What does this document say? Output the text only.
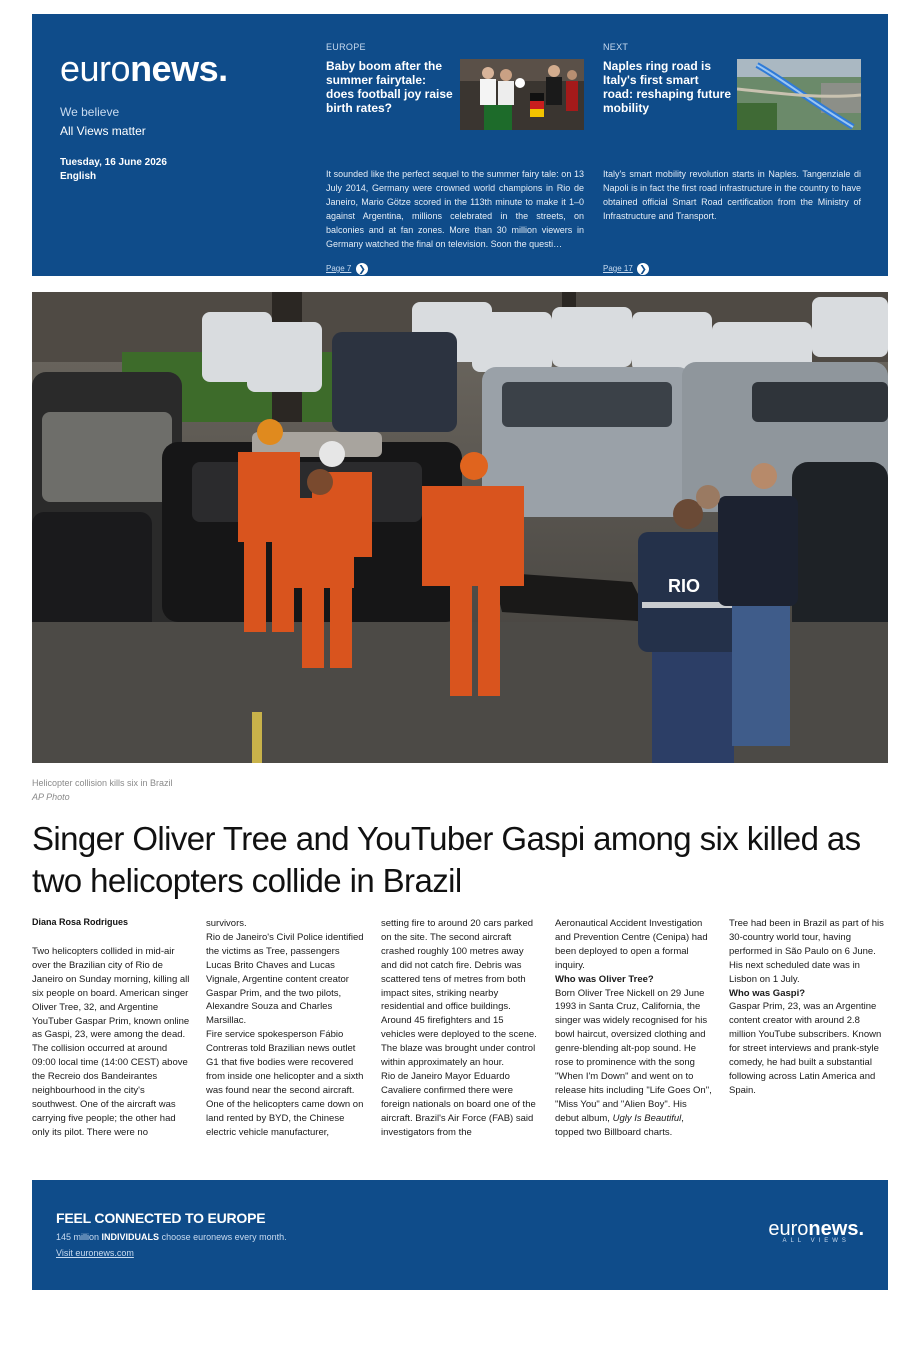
euronews.
We believe
All Views matter
Tuesday, 16 June 2026
English
EUROPE
Baby boom after the summer fairytale: does football joy raise birth rates?
It sounded like the perfect sequel to the summer fairy tale: on 13 July 2014, Germany were crowned world champions in Rio de Janeiro, Mario Götze scored in the 113th minute to make it 1–0 against Argentina, millions celebrated in the streets, on balconies and at fan zones. More than 30 million viewers in Germany watched the final on television. Soon the questi…
Page 7 ❯
NEXT
Naples ring road is Italy's first smart road: reshaping future mobility
Italy's smart mobility revolution starts in Naples. Tangenziale di Napoli is in fact the first road infrastructure in the country to have obtained official Smart Road certification from the Ministry of Infrastructure and Transport.
Page 17 ❯
RIO
Helicopter collision kills six in Brazil
AP Photo
Singer Oliver Tree and YouTuber Gaspi among six killed as two helicopters collide in Brazil
Diana Rosa Rodrigues

Two helicopters collided in mid-air over the Brazilian city of Rio de Janeiro on Sunday morning, killing all six people on board. American singer Oliver Tree, 32, and Argentine YouTuber Gaspar Prim, known online as Gaspi, 23, were among the dead.

The collision occurred at around 09:00 local time (14:00 CEST) above the Recreio dos Bandeirantes neighbourhood in the city's southwest. One of the aircraft was carrying five people; the other had only its pilot. There were no

survivors.

Rio de Janeiro's Civil Police identified the victims as Tree, passengers Lucas Brito Chaves and Lucas Vignale, Argentine content creator Gaspar Prim, and the two pilots, Alexandre Souza and Charles Marsillac.

Fire service spokesperson Fábio Contreras told Brazilian news outlet G1 that five bodies were recovered from inside one helicopter and a sixth was found near the second aircraft.

One of the helicopters came down on land rented by BYD, the Chinese electric vehicle manufacturer,

setting fire to around 20 cars parked on the site. The second aircraft crashed roughly 100 metres away and did not catch fire. Debris was scattered tens of metres from both impact sites, striking nearby residential and office buildings.

Around 45 firefighters and 15 vehicles were deployed to the scene. The blaze was brought under control within approximately an hour.

Rio de Janeiro Mayor Eduardo Cavaliere confirmed there were foreign nationals on board one of the aircraft. Brazil's Air Force (FAB) said investigators from the

Aeronautical Accident Investigation and Prevention Centre (Cenipa) had been deployed to open a formal inquiry.

Who was Oliver Tree?

Born Oliver Tree Nickell on 29 June 1993 in Santa Cruz, California, the singer was widely recognised for his bowl haircut, oversized clothing and genre-blending alt-pop sound. He rose to prominence with the song "When I'm Down" and went on to release hits including "Life Goes On", "Miss You" and "Alien Boy". His debut album, Ugly Is Beautiful, topped two Billboard charts.

Tree had been in Brazil as part of his 30-country world tour, having performed in São Paulo on 6 June. His next scheduled date was in Lisbon on 1 July.

Who was Gaspi?

Gaspar Prim, 23, was an Argentine content creator with around 2.8 million YouTube subscribers. Known for street interviews and prank-style comedy, he had built a substantial following across Latin America and Spain.

FEEL CONNECTED TO EUROPE
145 million INDIVIDUALS choose euronews every month.
Visit euronews.com
euronews.
ALL VIEWS
